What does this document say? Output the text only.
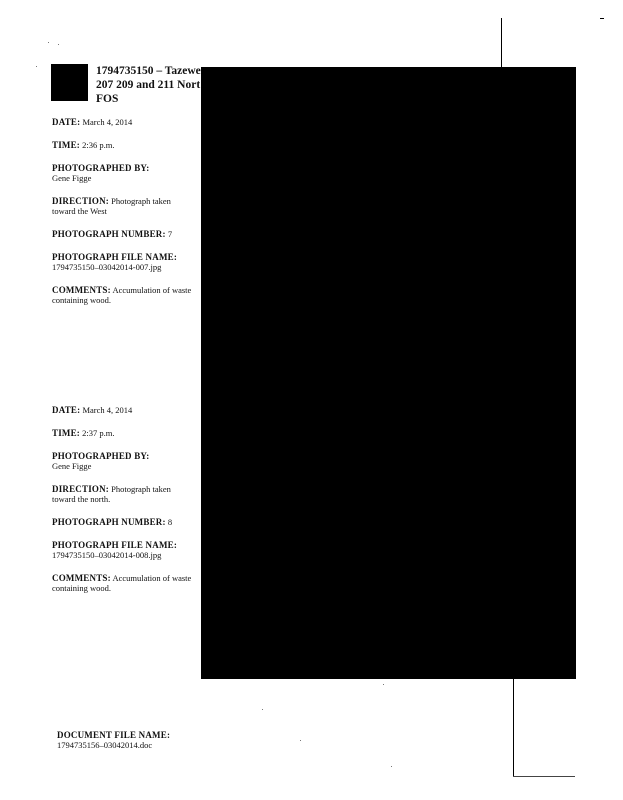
1794735150 – Tazewe
207 209 and 211 Nort
FOS
DATE: March 4, 2014
TIME: 2:36 p.m.
PHOTOGRAPHED BY:
Gene Figge
DIRECTION: Photograph taken toward the West
PHOTOGRAPH NUMBER: 7
PHOTOGRAPH FILE NAME:
1794735150–03042014-007.jpg
COMMENTS: Accumulation of waste containing wood.
DATE: March 4, 2014
TIME: 2:37 p.m.
PHOTOGRAPHED BY:
Gene Figge
DIRECTION: Photograph taken toward the north.
PHOTOGRAPH NUMBER: 8
PHOTOGRAPH FILE NAME:
1794735150–03042014-008.jpg
COMMENTS: Accumulation of waste containing wood.
DOCUMENT FILE NAME:
1794735156–03042014.doc
